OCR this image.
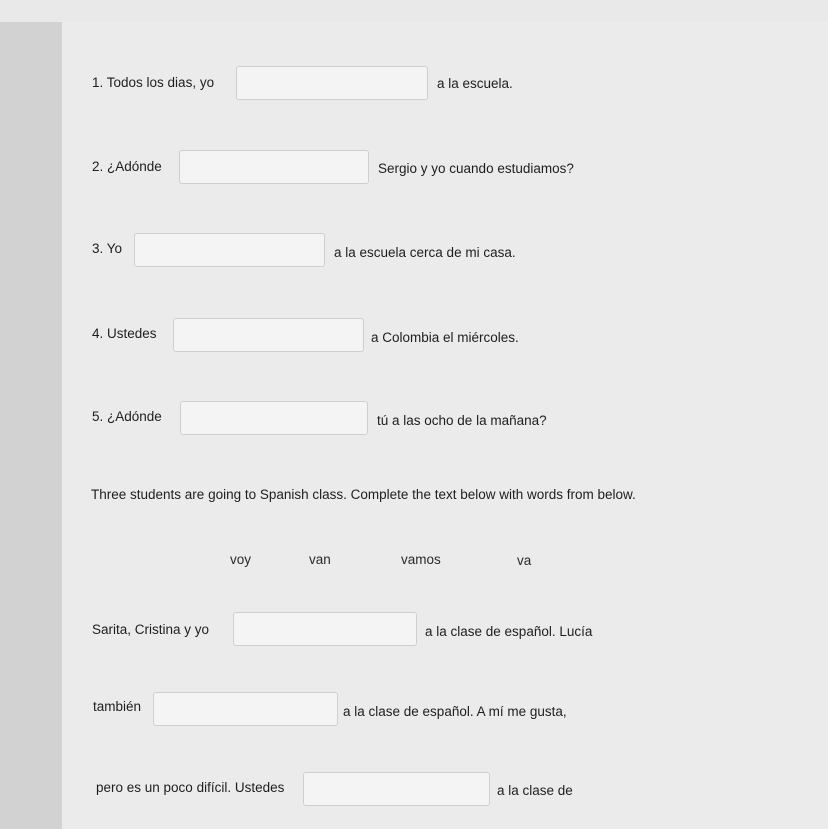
1. Todos los dias, yo	a la escuela.
2. ¿Adónde	Sergio y yo cuando estudiamos?
3. Yo	a la escuela cerca de mi casa.
4. Ustedes	a Colombia el miércoles.
5. ¿Adónde	tú a las ocho de la mañana?
Three students are going to Spanish class. Complete the text below with words from below.
voy	van	vamos	va
Sarita, Cristina y yo	a la clase de español. Lucía
también	a la clase de español. A mí me gusta,
pero es un poco difícil. Ustedes	a la clase de
